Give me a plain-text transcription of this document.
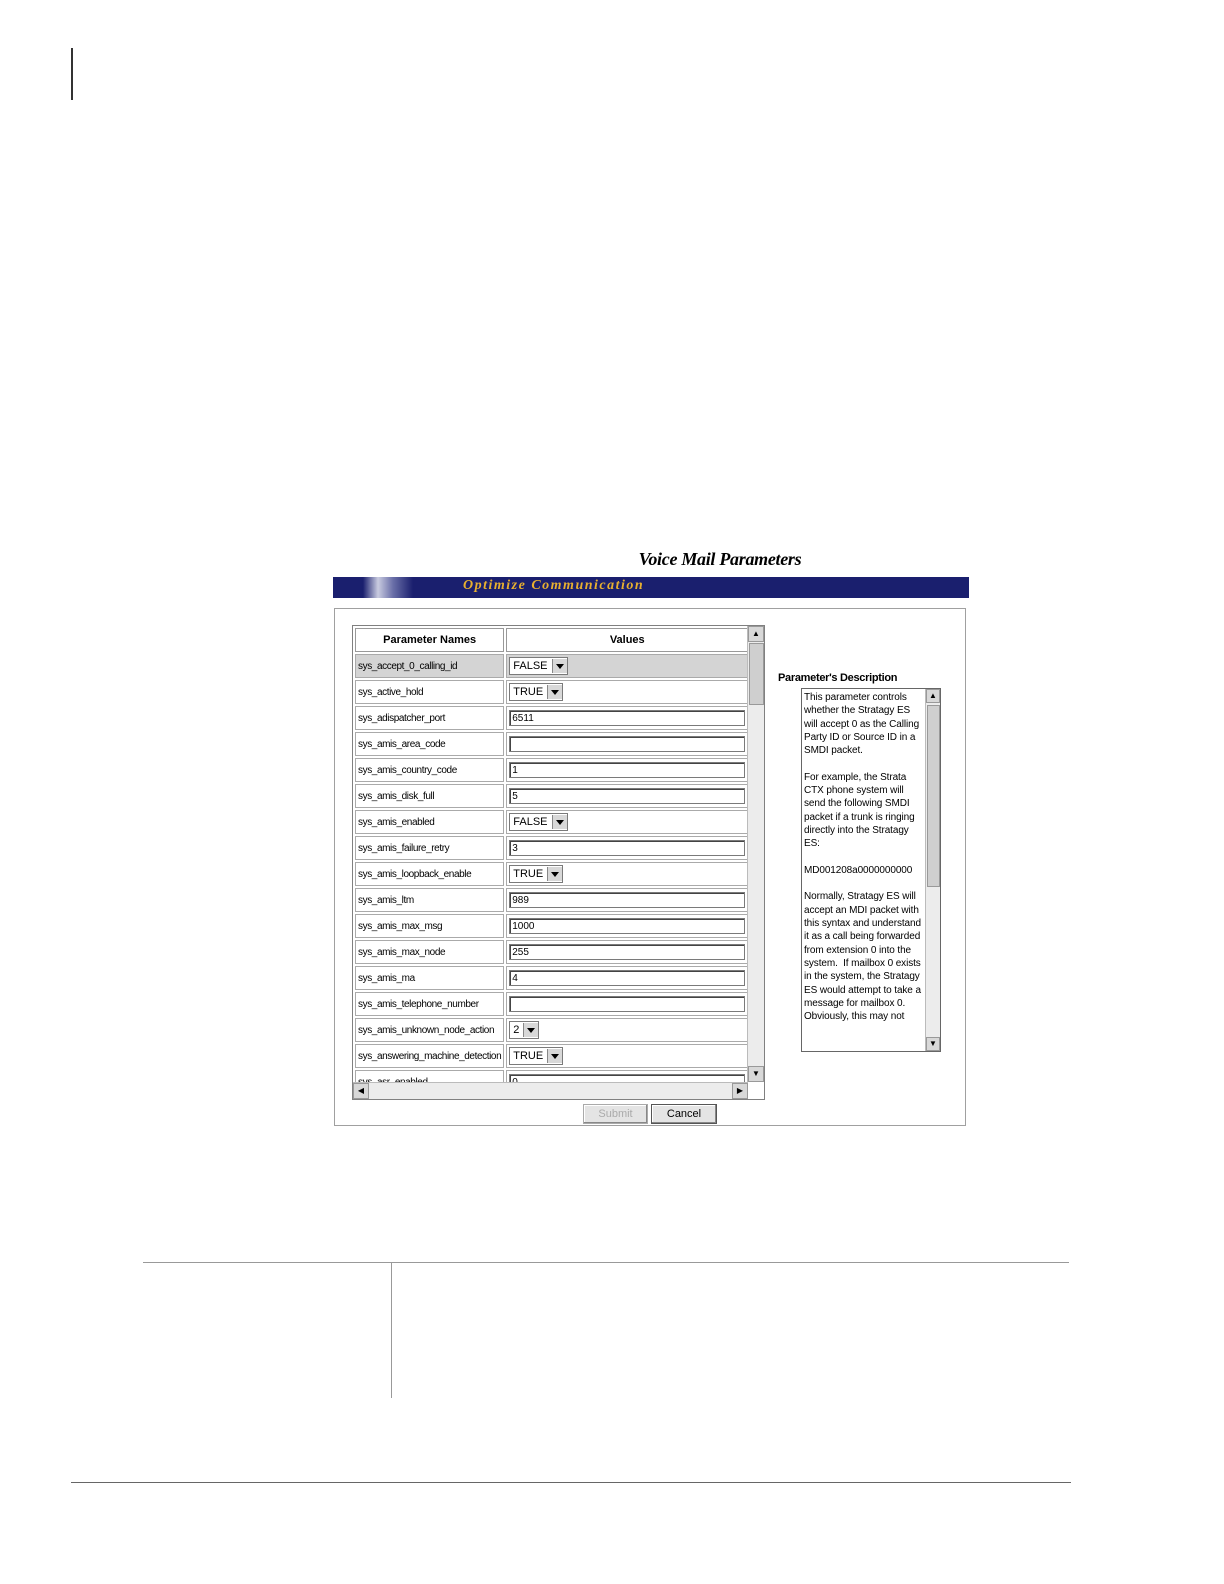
Voice Mail Parameters
Optimize Communication
Parameter Names	Values
sys_accept_0_calling_id	FALSE

sys_active_hold	TRUE

sys_adispatcher_port	6511

sys_amis_area_code	

sys_amis_country_code	1

sys_amis_disk_full	5

sys_amis_enabled	FALSE

sys_amis_failure_retry	3

sys_amis_loopback_enable	TRUE

sys_amis_ltm	989

sys_amis_max_msg	1000

sys_amis_max_node	255

sys_amis_ma	4

sys_amis_telephone_number	

sys_amis_unknown_node_action	2

sys_answering_machine_detection	TRUE

▲
▼
◀	▶
Parameter's Description
This parameter controls whether the Stratagy ES will accept 0 as the Calling Party ID or Source ID in a SMDI packet.

For example, the Strata CTX phone system will send the following SMDI packet if a trunk is ringing directly into the Stratagy ES:

MD001208a0000000000

Normally, Stratagy ES will accept an MDI packet with this syntax and understand it as a call being forwarded from extension 0 into the system.  If mailbox 0 exists in the system, the Stratagy ES would attempt to take a message for mailbox 0. Obviously, this may not
▲
▼
Submit	Cancel
